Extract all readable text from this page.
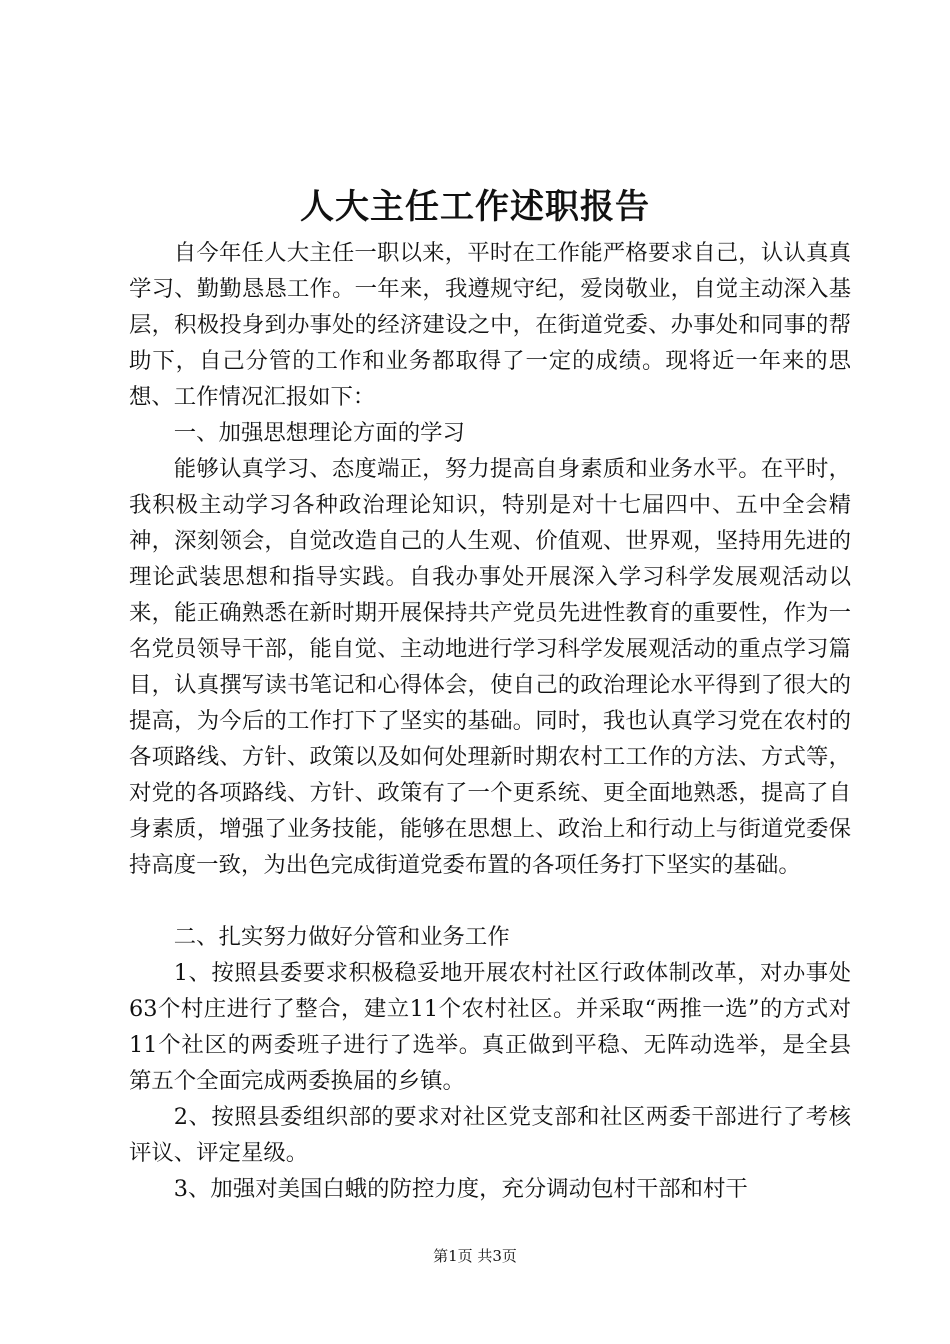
人大主任工作述职报告

自今年任人大主任一职以来，平时在工作能严格要求自己，认认真真学习、勤勤恳恳工作。一年来，我遵规守纪，爱岗敬业，自觉主动深入基层，积极投身到办事处的经济建设之中，在街道党委、办事处和同事的帮助下，自己分管的工作和业务都取得了一定的成绩。现将近一年来的思想、工作情况汇报如下：

一、加强思想理论方面的学习

能够认真学习、态度端正，努力提高自身素质和业务水平。在平时，我积极主动学习各种政治理论知识，特别是对十七届四中、五中全会精神，深刻领会，自觉改造自己的人生观、价值观、世界观，坚持用先进的理论武装思想和指导实践。自我办事处开展深入学习科学发展观活动以来，能正确熟悉在新时期开展保持共产党员先进性教育的重要性，作为一名党员领导干部，能自觉、主动地进行学习科学发展观活动的重点学习篇目，认真撰写读书笔记和心得体会，使自己的政治理论水平得到了很大的提高，为今后的工作打下了坚实的基础。同时，我也认真学习党在农村的各项路线、方针、政策以及如何处理新时期农村工工作的方法、方式等，对党的各项路线、方针、政策有了一个更系统、更全面地熟悉，提高了自身素质，增强了业务技能，能够在思想上、政治上和行动上与街道党委保持高度一致，为出色完成街道党委布置的各项任务打下坚实的基础。

二、扎实努力做好分管和业务工作

1、按照县委要求积极稳妥地开展农村社区行政体制改革，对办事处63个村庄进行了整合，建立11个农村社区。并采取“两推一选”的方式对11个社区的两委班子进行了选举。真正做到平稳、无阵动选举，是全县第五个全面完成两委换届的乡镇。

2、按照县委组织部的要求对社区党支部和社区两委干部进行了考核评议、评定星级。

3、加强对美国白蛾的防控力度，充分调动包村干部和村干

第1页 共3页
